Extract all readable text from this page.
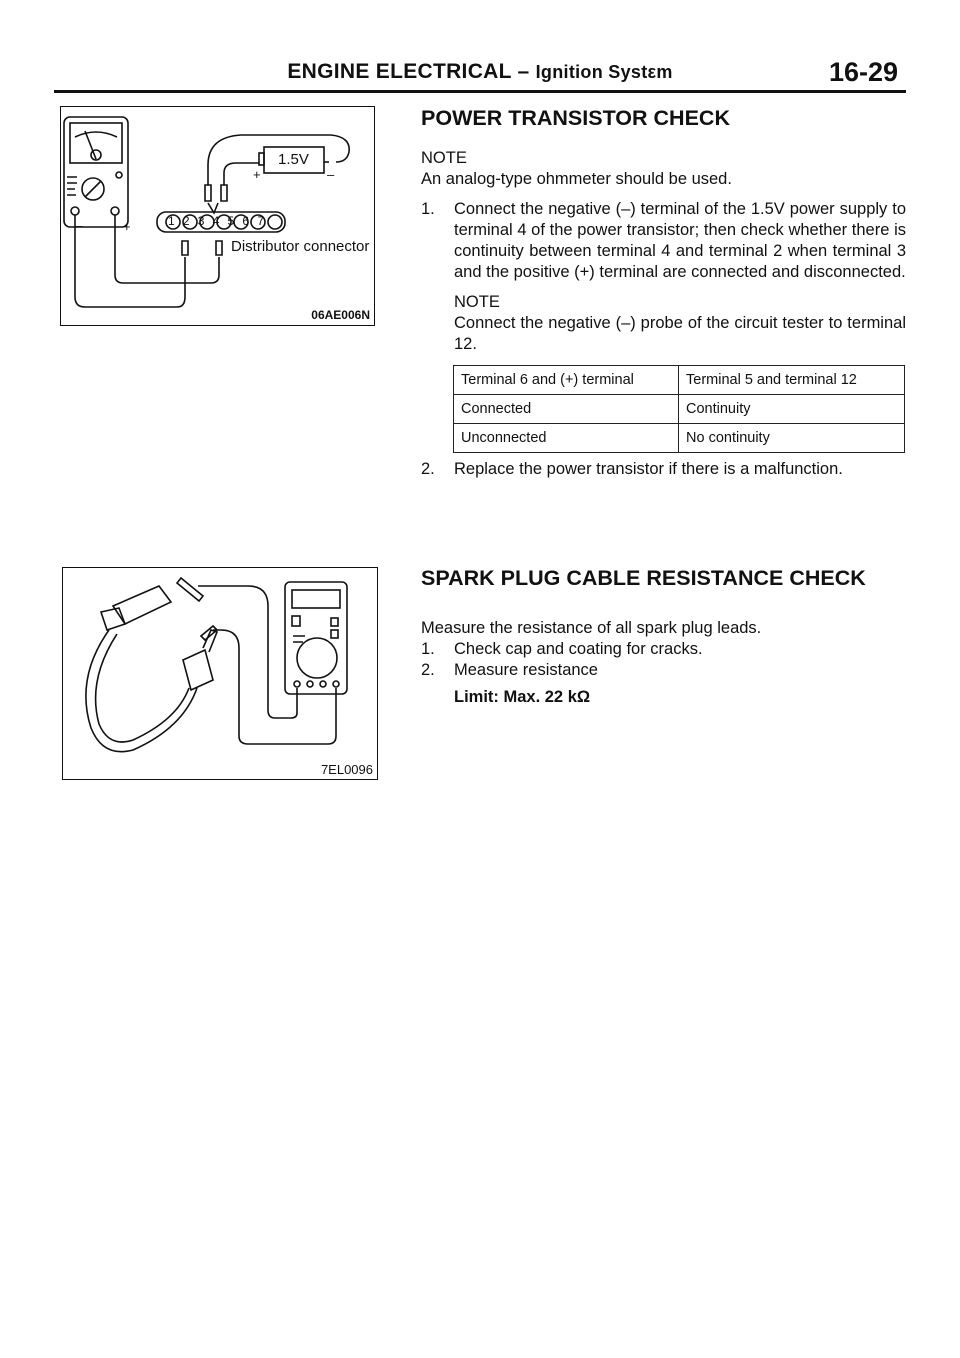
ENGINE ELECTRICAL – Ignition Systεm	16-29
1.5V
+	–
–	+
Distributor connector
1234567
06AE006N
7EL0096
POWER TRANSISTOR CHECK

NOTE

An analog-type ohmmeter should be used.

1. Connect the negative (–) terminal of the 1.5V power supply to terminal 4 of the power transistor; then check whether there is continuity between terminal 4 and terminal 2 when terminal 3 and the positive (+) terminal are connected and disconnected.
NOTE
Connect the negative (–) probe of the circuit tester to terminal 12.
Terminal 6 and (+) terminal	Terminal 5 and terminal 12
Connected	Continuity
Unconnected	No continuity
2. Replace the power transistor if there is a malfunction.
SPARK PLUG CABLE RESISTANCE CHECK

Measure the resistance of all spark plug leads.

1. Check cap and coating for cracks.
2. Measure resistance
Limit: Max. 22 kΩ
